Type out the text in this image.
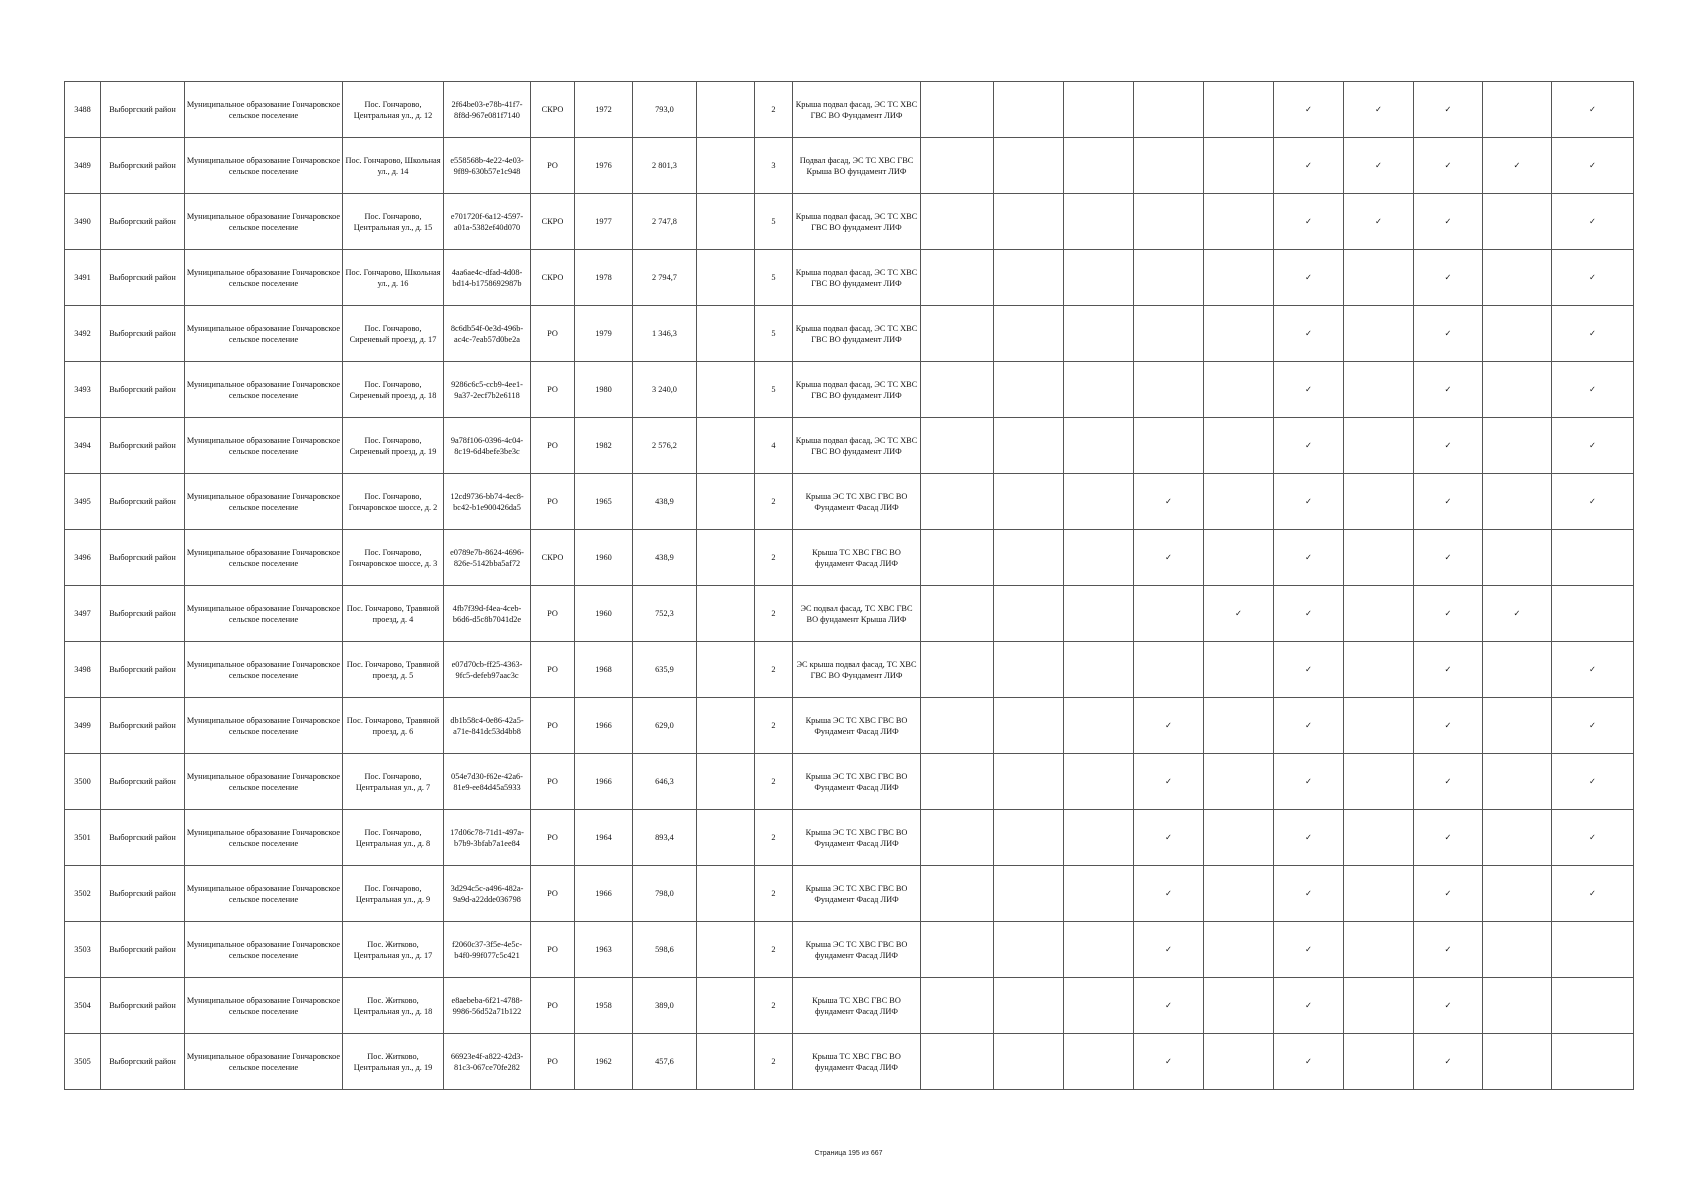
3488	Выборгский район	Муниципальное образование Гончаровское сельское поселение	Пос. Гончарово, Центральная ул., д. 12	2f64be03-e78b-41f7-8f8d-967e081f7140	СКРО	1972	793,0		2	Крыша подвал фасад, ЭС ТС ХВС ГВС ВО Фундамент ЛИФ						✓	✓	✓		✓
3489	Выборгский район	Муниципальное образование Гончаровское сельское поселение	Пос. Гончарово, Школьная ул., д. 14	e558568b-4e22-4e03-9f89-630b57e1c948	РО	1976	2 801,3		3	Подвал фасад, ЭС ТС ХВС ГВС Крыша ВО фундамент ЛИФ						✓	✓	✓	✓	✓
3490	Выборгский район	Муниципальное образование Гончаровское сельское поселение	Пос. Гончарово, Центральная ул., д. 15	e701720f-6a12-4597-a01a-5382ef40d070	СКРО	1977	2 747,8		5	Крыша подвал фасад, ЭС ТС ХВС ГВС ВО фундамент ЛИФ						✓	✓	✓		✓
3491	Выборгский район	Муниципальное образование Гончаровское сельское поселение	Пос. Гончарово, Школьная ул., д. 16	4aa6ae4c-dfad-4d08-bd14-b1758692987b	СКРО	1978	2 794,7		5	Крыша подвал фасад, ЭС ТС ХВС ГВС ВО фундамент ЛИФ						✓		✓		✓
3492	Выборгский район	Муниципальное образование Гончаровское сельское поселение	Пос. Гончарово, Сиреневый проезд, д. 17	8c6db54f-0e3d-496b-ac4c-7eab57d0be2a	РО	1979	1 346,3		5	Крыша подвал фасад, ЭС ТС ХВС ГВС ВО фундамент ЛИФ						✓		✓		✓
3493	Выборгский район	Муниципальное образование Гончаровское сельское поселение	Пос. Гончарово, Сиреневый проезд, д. 18	9286c6c5-ccb9-4ee1-9a37-2ecf7b2e6118	РО	1980	3 240,0		5	Крыша подвал фасад, ЭС ТС ХВС ГВС ВО фундамент ЛИФ						✓		✓		✓
3494	Выборгский район	Муниципальное образование Гончаровское сельское поселение	Пос. Гончарово, Сиреневый проезд, д. 19	9a78f106-0396-4c04-8c19-6d4befe3be3c	РО	1982	2 576,2		4	Крыша подвал фасад, ЭС ТС ХВС ГВС ВО фундамент ЛИФ						✓		✓		✓
3495	Выборгский район	Муниципальное образование Гончаровское сельское поселение	Пос. Гончарово, Гончаровское шоссе, д. 2	12cd9736-bb74-4ec8-bc42-b1e900426da5	РО	1965	438,9		2	Крыша ЭС ТС ХВС ГВС ВО Фундамент Фасад ЛИФ				✓		✓		✓		✓
3496	Выборгский район	Муниципальное образование Гончаровское сельское поселение	Пос. Гончарово, Гончаровское шоссе, д. 3	e0789e7b-8624-4696-826e-5142bba5af72	СКРО	1960	438,9		2	Крыша ТС ХВС ГВС ВО фундамент Фасад ЛИФ				✓		✓		✓		
3497	Выборгский район	Муниципальное образование Гончаровское сельское поселение	Пос. Гончарово, Травяной проезд, д. 4	4fb7f39d-f4ea-4ceb-b6d6-d5c8b7041d2e	РО	1960	752,3		2	ЭС подвал фасад, ТС ХВС ГВС ВО фундамент Крыша ЛИФ					✓	✓		✓	✓	
3498	Выборгский район	Муниципальное образование Гончаровское сельское поселение	Пос. Гончарово, Травяной проезд, д. 5	e07d70cb-ff25-4363-9fc5-defeb97aac3c	РО	1968	635,9		2	ЭС крыша подвал фасад, ТС ХВС ГВС ВО Фундамент ЛИФ						✓		✓		✓
3499	Выборгский район	Муниципальное образование Гончаровское сельское поселение	Пос. Гончарово, Травяной проезд, д. 6	db1b58c4-0e86-42a5-a71e-841dc53d4bb8	РО	1966	629,0		2	Крыша ЭС ТС ХВС ГВС ВО Фундамент Фасад ЛИФ				✓		✓		✓		✓
3500	Выборгский район	Муниципальное образование Гончаровское сельское поселение	Пос. Гончарово, Центральная ул., д. 7	054e7d30-f62e-42a6-81e9-ee84d45a5933	РО	1966	646,3		2	Крыша ЭС ТС ХВС ГВС ВО Фундамент Фасад ЛИФ				✓		✓		✓		✓
3501	Выборгский район	Муниципальное образование Гончаровское сельское поселение	Пос. Гончарово, Центральная ул., д. 8	17d06c78-71d1-497a-b7b9-3bfab7a1ee84	РО	1964	893,4		2	Крыша ЭС ТС ХВС ГВС ВО Фундамент Фасад ЛИФ				✓		✓		✓		✓
3502	Выборгский район	Муниципальное образование Гончаровское сельское поселение	Пос. Гончарово, Центральная ул., д. 9	3d294c5c-a496-482a-9a9d-a22dde036798	РО	1966	798,0		2	Крыша ЭС ТС ХВС ГВС ВО Фундамент Фасад ЛИФ				✓		✓		✓		✓
3503	Выборгский район	Муниципальное образование Гончаровское сельское поселение	Пос. Житково, Центральная ул., д. 17	f2060c37-3f5e-4e5c-b4f0-99f077c5c421	РО	1963	598,6		2	Крыша ЭС ТС ХВС ГВС ВО фундамент Фасад ЛИФ				✓		✓		✓		
3504	Выборгский район	Муниципальное образование Гончаровское сельское поселение	Пос. Житково, Центральная ул., д. 18	e8aebeba-6f21-4788-9986-56d52a71b122	РО	1958	389,0		2	Крыша ТС ХВС ГВС ВО фундамент Фасад ЛИФ				✓		✓		✓		
3505	Выборгский район	Муниципальное образование Гончаровское сельское поселение	Пос. Житково, Центральная ул., д. 19	66923e4f-a822-42d3-81c3-067ce70fe282	РО	1962	457,6		2	Крыша ТС ХВС ГВС ВО фундамент Фасад ЛИФ				✓		✓		✓		
Страница 195 из 667
